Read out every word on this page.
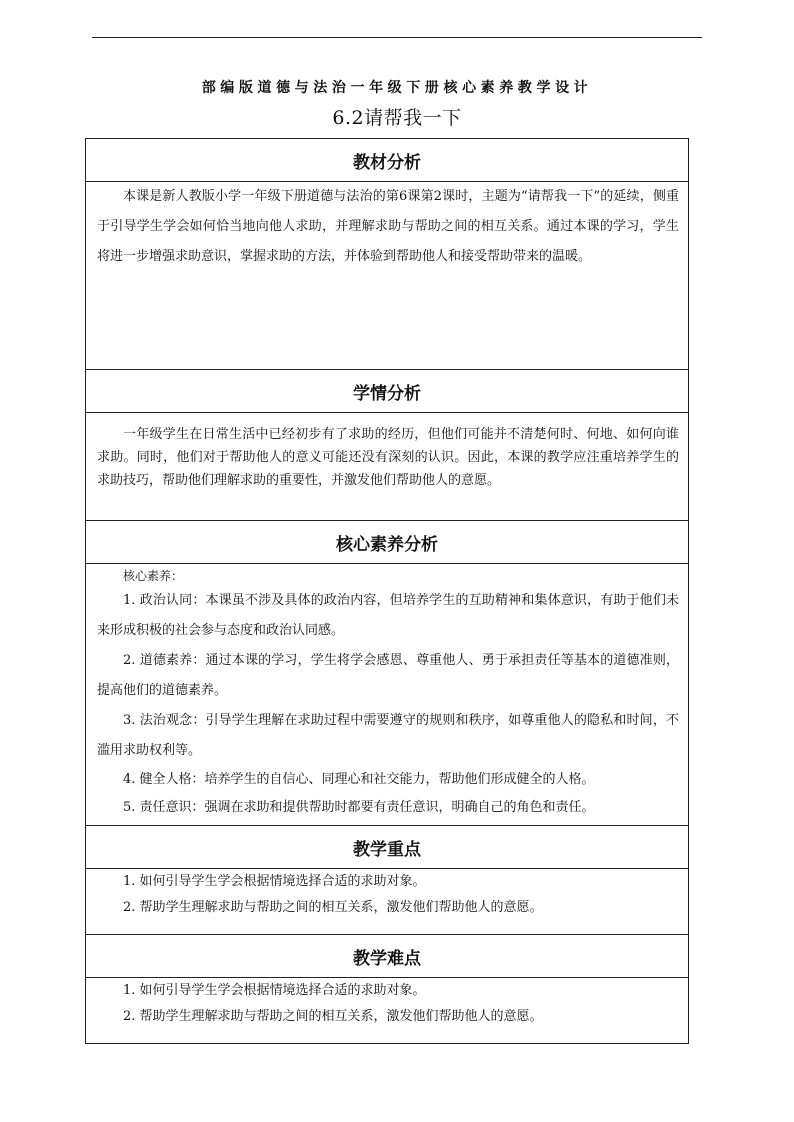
部编版道德与法治一年级下册核心素养教学设计
6.2请帮我一下
教材分析

本课是新人教版小学一年级下册道德与法治的第6课第2课时，主题为“请帮我一下”的延续，侧重于引导学生学会如何恰当地向他人求助，并理解求助与帮助之间的相互关系。通过本课的学习，学生将进一步增强求助意识，掌握求助的方法，并体验到帮助他人和接受帮助带来的温暖。

学情分析

一年级学生在日常生活中已经初步有了求助的经历，但他们可能并不清楚何时、何地、如何向谁求助。同时，他们对于帮助他人的意义可能还没有深刻的认识。因此，本课的教学应注重培养学生的求助技巧，帮助他们理解求助的重要性，并激发他们帮助他人的意愿。

核心素养分析

核心素养：

1. 政治认同：本课虽不涉及具体的政治内容，但培养学生的互助精神和集体意识，有助于他们未来形成积极的社会参与态度和政治认同感。

2. 道德素养：通过本课的学习，学生将学会感恩、尊重他人、勇于承担责任等基本的道德准则，提高他们的道德素养。

3. 法治观念：引导学生理解在求助过程中需要遵守的规则和秩序，如尊重他人的隐私和时间，不滥用求助权利等。

4. 健全人格：培养学生的自信心、同理心和社交能力，帮助他们形成健全的人格。

5. 责任意识：强调在求助和提供帮助时都要有责任意识，明确自己的角色和责任。

教学重点

1. 如何引导学生学会根据情境选择合适的求助对象。

2. 帮助学生理解求助与帮助之间的相互关系，激发他们帮助他人的意愿。

教学难点

1. 如何引导学生学会根据情境选择合适的求助对象。

2. 帮助学生理解求助与帮助之间的相互关系，激发他们帮助他人的意愿。
